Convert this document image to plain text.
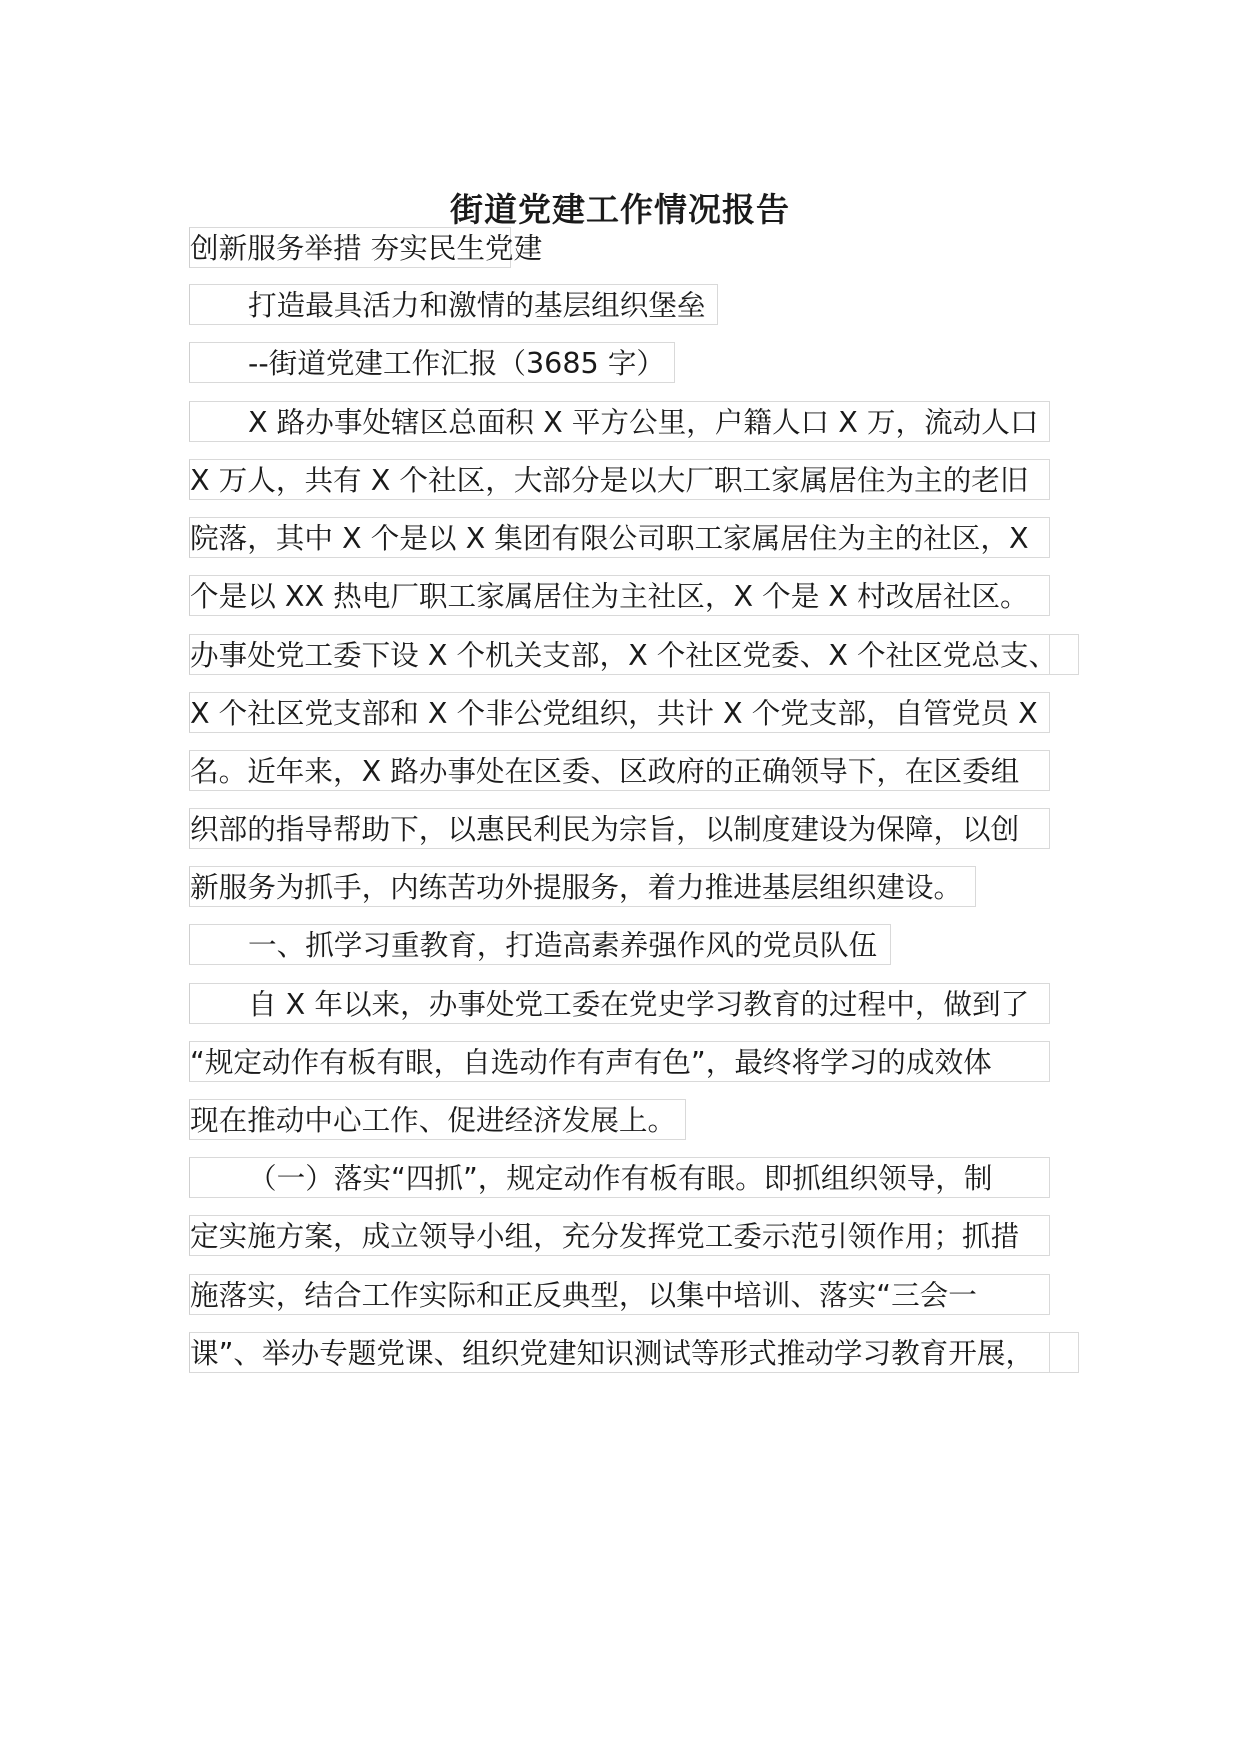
街道党建工作情况报告
创新服务举措 夯实民生党建
打造最具活力和激情的基层组织堡垒
--街道党建工作汇报（3685 字）
X 路办事处辖区总面积 X 平方公里，户籍人口 X 万，流动人口
X 万人，共有 X 个社区，大部分是以大厂职工家属居住为主的老旧
院落，其中 X 个是以 X 集团有限公司职工家属居住为主的社区，X
个是以 XX 热电厂职工家属居住为主社区，X 个是 X 村改居社区。
办事处党工委下设 X 个机关支部，X 个社区党委、X 个社区党总支、
X 个社区党支部和 X 个非公党组织，共计 X 个党支部，自管党员 X
名。近年来，X 路办事处在区委、区政府的正确领导下，在区委组
织部的指导帮助下，以惠民利民为宗旨，以制度建设为保障，以创
新服务为抓手，内练苦功外提服务，着力推进基层组织建设。
一、抓学习重教育，打造高素养强作风的党员队伍
自 X 年以来，办事处党工委在党史学习教育的过程中，做到了
“规定动作有板有眼，自选动作有声有色”，最终将学习的成效体
现在推动中心工作、促进经济发展上。
（一）落实“四抓”，规定动作有板有眼。即抓组织领导，制
定实施方案，成立领导小组，充分发挥党工委示范引领作用；抓措
施落实，结合工作实际和正反典型，以集中培训、落实“三会一
课”、举办专题党课、组织党建知识测试等形式推动学习教育开展，
